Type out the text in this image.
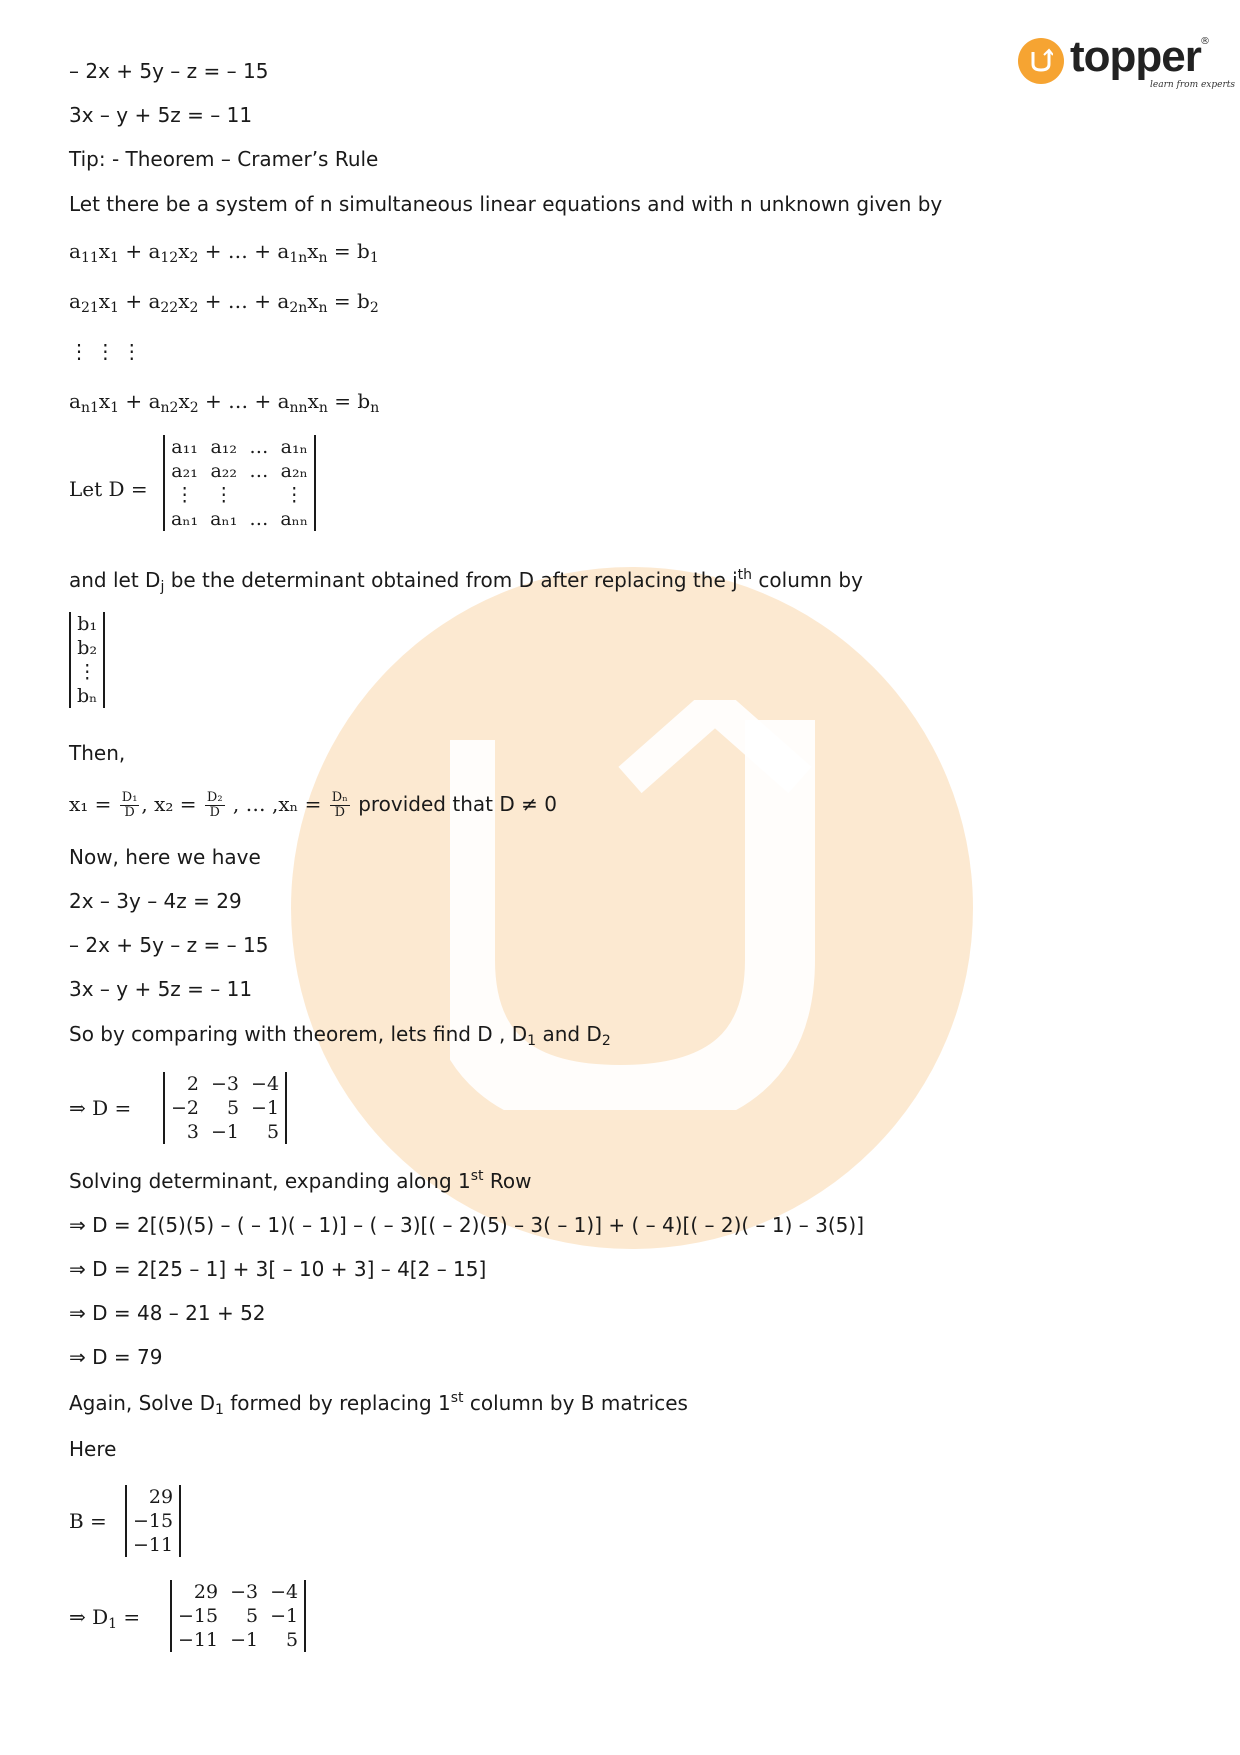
topper ®
learn from experts
– 2x + 5y – z = – 15
3x – y + 5z = – 11
Tip: - Theorem – Cramer’s Rule
Let there be a system of n simultaneous linear equations and with n unknown given by
$a_{11}x_1 + a_{12}x_2$ + … + $a_{1n}x_n = b_1$
$a_{21}x_1 + a_{22}x_2$ + … + $a_{2n}x_n = b_2$
⋮ ⋮ ⋮
$a_{n1}x_1 + a_{n2}x_2$ + … + $a_{nn}x_n = b_n$
Let D =
a₁₁	a₁₂	…	a₁ₙ
a₂₁	a₂₂	…	a₂ₙ
⋮	⋮		⋮
aₙ₁	aₙ₁	…	aₙₙ
and let $D_j$ be the determinant obtained from D after replacing the $j^{th}$ column by
b₁
b₂
⋮
bₙ
Then,
$x_1 = \frac{\text{D₁}}{D}$ , $x_2 = \frac{\text{D₂}}{D}$ , … $,x_n = \frac{\text{Dₙ}}{D}$ provided that D ≠ 0
Now, here we have
2x – 3y – 4z = 29
– 2x + 5y – z = – 15
3x – y + 5z = – 11
So by comparing with theorem, lets find D , $D_1$ and $D_2$
⇒ D =
2	−3	−4
−2	5	−1
3	−1	5
Solving determinant, expanding along 1st Row
⇒ D = 2[(5)(5) – ( – 1)( – 1)] – ( – 3)[( – 2)(5) – 3( – 1)] + ( – 4)[( – 2)( – 1) – 3(5)]
⇒ D = 2[25 – 1] + 3[ – 10 + 3] – 4[2 – 15]
⇒ D = 48 – 21 + 52
⇒ D = 79
Again, Solve $D_1$ formed by replacing 1st column by B matrices
Here
B =
29
−15
−11
⇒ $D_1$ =
29	−3	−4
−15	5	−1
−11	−1	5
